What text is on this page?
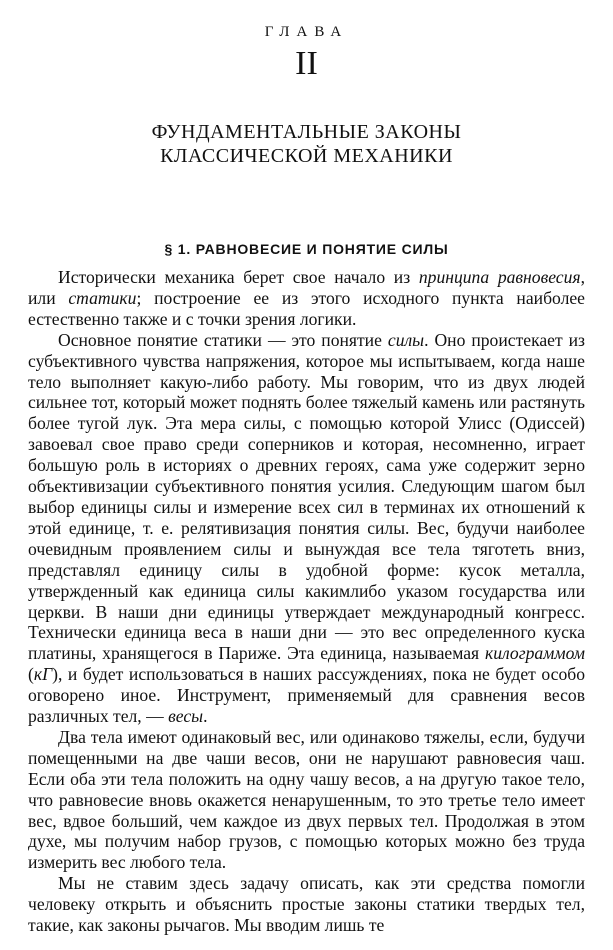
ГЛАВА
II
ФУНДАМЕНТАЛЬНЫЕ ЗАКОНЫ
КЛАССИЧЕСКОЙ МЕХАНИКИ
§ 1. РАВНОВЕСИЕ И ПОНЯТИЕ СИЛЫ

Исторически механика берет свое начало из принципа равновесия, или статики; построение ее из этого исходного пункта наиболее естественно также и с точки зрения логики.

Основное понятие статики — это понятие силы. Оно проистекает из субъективного чувства напряжения, которое мы испытываем, когда наше тело выполняет какую-либо работу. Мы говорим, что из двух людей сильнее тот, который может поднять более тяжелый камень или растянуть более тугой лук. Эта мера силы, с помощью которой Улисс (Одиссей) завоевал свое право среди соперников и которая, несомненно, играет большую роль в историях о древних героях, сама уже содержит зерно объективизации субъективного понятия усилия. Следующим шагом был выбор единицы силы и измерение всех сил в терминах их отношений к этой единице, т. е. релятивизация понятия силы. Вес, будучи наиболее очевидным проявлением силы и вынуждая все тела тяготеть вниз, представлял единицу силы в удобной форме: кусок металла, утвержденный как единица силы какимлибо указом государства или церкви. В наши дни единицы утверждает международный конгресс. Технически единица веса в наши дни — это вес определенного куска платины, хранящегося в Париже. Эта единица, называемая килограммом (кГ), и будет использоваться в наших рассуждениях, пока не будет особо оговорено иное. Инструмент, применяемый для сравнения весов различных тел, — весы.

Два тела имеют одинаковый вес, или одинаково тяжелы, если, будучи помещенными на две чаши весов, они не нарушают равновесия чаш. Если оба эти тела положить на одну чашу весов, а на другую такое тело, что равновесие вновь окажется ненарушенным, то это третье тело имеет вес, вдвое больший, чем каждое из двух первых тел. Продолжая в этом духе, мы получим набор грузов, с помощью которых можно без труда измерить вес любого тела.

Мы не ставим здесь задачу описать, как эти средства помогли человеку открыть и объяснить простые законы статики твердых тел, такие, как законы рычагов. Мы вводим лишь те
